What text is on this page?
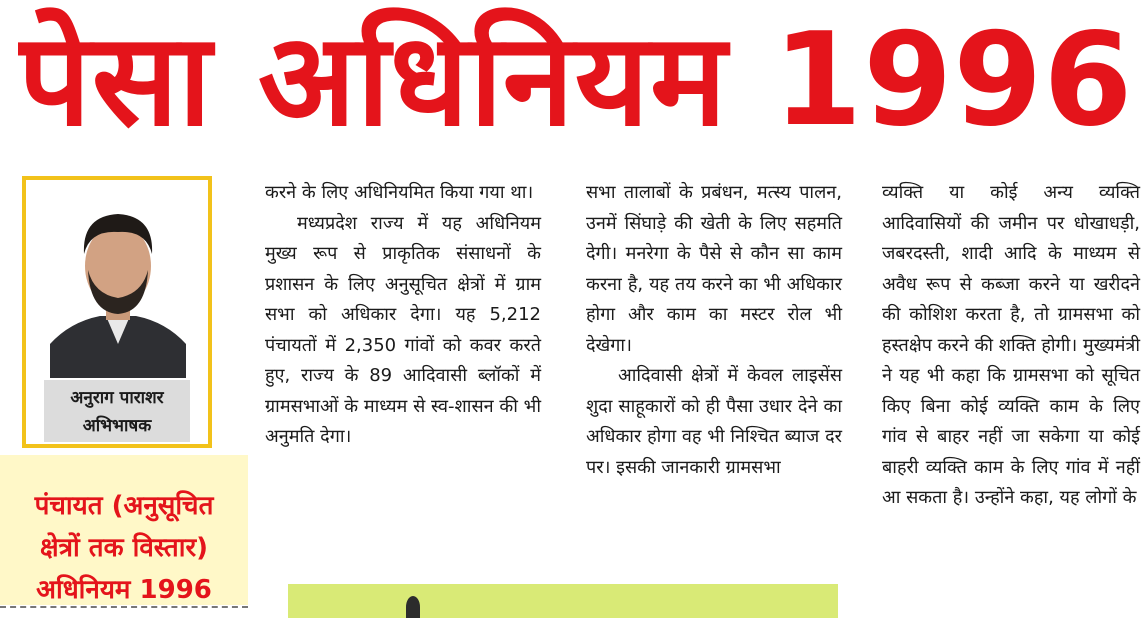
पेसा अधिनियम 1996
अनुराग पाराशर
अभिभाषक
पंचायत (अनुसूचित
क्षेत्रों तक विस्तार)
अधिनियम 1996

करने के लिए अधिनियमित किया गया था।

मध्यप्रदेश राज्य में यह अधिनियम मुख्य रूप से प्राकृतिक संसाधनों के प्रशासन के लिए अनुसूचित क्षेत्रों में ग्राम सभा को अधिकार देगा। यह 5,212 पंचायतों में 2,350 गांवों को कवर करते हुए, राज्य के 89 आदिवासी ब्लॉकों में ग्रामसभाओं के माध्यम से स्व-शासन की भी अनुमति देगा।

सभा तालाबों के प्रबंधन, मत्स्य पालन, उनमें सिंघाड़े की खेती के लिए सहमति देगी। मनरेगा के पैसे से कौन सा काम करना है, यह तय करने का भी अधिकार होगा और काम का मस्टर रोल भी देखेगा।

आदिवासी क्षेत्रों में केवल लाइसेंस शुदा साहूकारों को ही पैसा उधार देने का अधिकार होगा वह भी निश्चित ब्याज दर पर। इसकी जानकारी ग्रामसभा

व्यक्ति या कोई अन्य व्यक्ति आदिवासियों की जमीन पर धोखाधड़ी, जबरदस्ती, शादी आदि के माध्यम से अवैध रूप से कब्जा करने या खरीदने की कोशिश करता है, तो ग्रामसभा को हस्तक्षेप करने की शक्ति होगी। मुख्यमंत्री ने यह भी कहा कि ग्रामसभा को सूचित किए बिना कोई व्यक्ति काम के लिए गांव से बाहर नहीं जा सकेगा या कोई बाहरी व्यक्ति काम के लिए गांव में नहीं आ सकता है। उन्होंने कहा, यह लोगों के
